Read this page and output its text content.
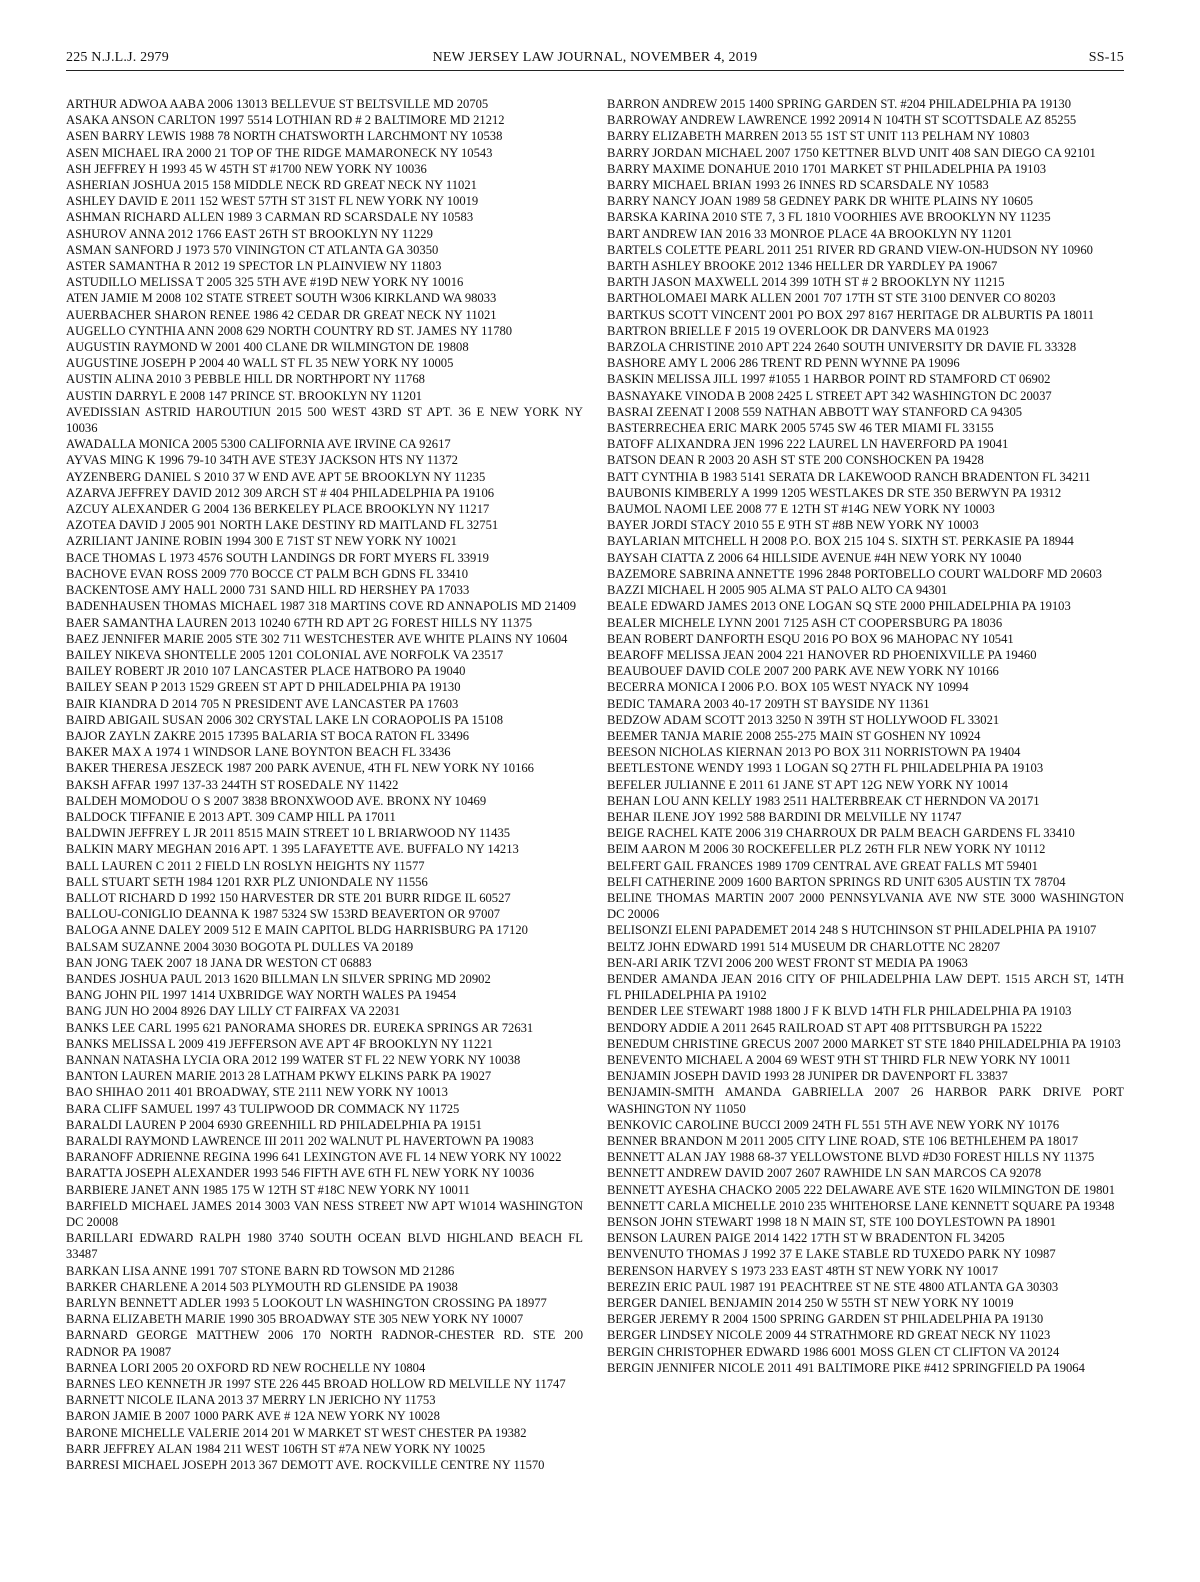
NEW JERSEY LAW JOURNAL, NOVEMBER 4, 2019
225 N.J.L.J. 2979	SS-15

ARTHUR ADWOA AABA 2006 13013 BELLEVUE ST BELTSVILLE MD 20705

ASAKA ANSON CARLTON 1997 5514 LOTHIAN RD # 2 BALTIMORE MD 21212

ASEN BARRY LEWIS 1988 78 NORTH CHATSWORTH LARCHMONT NY 10538

ASEN MICHAEL IRA 2000 21 TOP OF THE RIDGE MAMARONECK NY 10543

ASH JEFFREY H 1993 45 W 45TH ST #1700 NEW YORK NY 10036

ASHERIAN JOSHUA 2015 158 MIDDLE NECK RD GREAT NECK NY 11021

ASHLEY DAVID E 2011 152 WEST 57TH ST 31ST FL NEW YORK NY 10019

ASHMAN RICHARD ALLEN 1989 3 CARMAN RD SCARSDALE NY 10583

ASHUROV ANNA 2012 1766 EAST 26TH ST BROOKLYN NY 11229

ASMAN SANFORD J 1973 570 VININGTON CT ATLANTA GA 30350

ASTER SAMANTHA R 2012 19 SPECTOR LN PLAINVIEW NY 11803

ASTUDILLO MELISSA T 2005 325 5TH AVE #19D NEW YORK NY 10016

ATEN JAMIE M 2008 102 STATE STREET SOUTH W306 KIRKLAND WA 98033

AUERBACHER SHARON RENEE 1986 42 CEDAR DR GREAT NECK NY 11021

AUGELLO CYNTHIA ANN 2008 629 NORTH COUNTRY RD ST. JAMES NY 11780

AUGUSTIN RAYMOND W 2001 400 CLANE DR WILMINGTON DE 19808

AUGUSTINE JOSEPH P 2004 40 WALL ST FL 35 NEW YORK NY 10005

AUSTIN ALINA 2010 3 PEBBLE HILL DR NORTHPORT NY 11768

AUSTIN DARRYL E 2008 147 PRINCE ST. BROOKLYN NY 11201

AVEDISSIAN ASTRID HAROUTIUN 2015 500 WEST 43RD ST APT. 36 E NEW YORK NY 10036

AWADALLA MONICA 2005 5300 CALIFORNIA AVE IRVINE CA 92617

AYVAS MING K 1996 79-10 34TH AVE STE3Y JACKSON HTS NY 11372

AYZENBERG DANIEL S 2010 37 W END AVE APT 5E BROOKLYN NY 11235

AZARVA JEFFREY DAVID 2012 309 ARCH ST # 404 PHILADELPHIA PA 19106

AZCUY ALEXANDER G 2004 136 BERKELEY PLACE BROOKLYN NY 11217

AZOTEA DAVID J 2005 901 NORTH LAKE DESTINY RD MAITLAND FL 32751

AZRILIANT JANINE ROBIN 1994 300 E 71ST ST NEW YORK NY 10021

BACE THOMAS L 1973 4576 SOUTH LANDINGS DR FORT MYERS FL 33919

BACHOVE EVAN ROSS 2009 770 BOCCE CT PALM BCH GDNS FL 33410

BACKENTOSE AMY HALL 2000 731 SAND HILL RD HERSHEY PA 17033

BADENHAUSEN THOMAS MICHAEL 1987 318 MARTINS COVE RD ANNAPOLIS MD 21409

BAER SAMANTHA LAUREN 2013 10240 67TH RD APT 2G FOREST HILLS NY 11375

BAEZ JENNIFER MARIE 2005 STE 302 711 WESTCHESTER AVE WHITE PLAINS NY 10604

BAILEY NIKEVA SHONTELLE 2005 1201 COLONIAL AVE NORFOLK VA 23517

BAILEY ROBERT JR 2010 107 LANCASTER PLACE HATBORO PA 19040

BAILEY SEAN P 2013 1529 GREEN ST APT D PHILADELPHIA PA 19130

BAIR KIANDRA D 2014 705 N PRESIDENT AVE LANCASTER PA 17603

BAIRD ABIGAIL SUSAN 2006 302 CRYSTAL LAKE LN CORAOPOLIS PA 15108

BAJOR ZAYLN ZAKRE 2015 17395 BALARIA ST BOCA RATON FL 33496

BAKER MAX A 1974 1 WINDSOR LANE BOYNTON BEACH FL 33436

BAKER THERESA JESZECK 1987 200 PARK AVENUE, 4TH FL NEW YORK NY 10166

BAKSH AFFAR 1997 137-33 244TH ST ROSEDALE NY 11422

BALDEH MOMODOU O S 2007 3838 BRONXWOOD AVE. BRONX NY 10469

BALDOCK TIFFANIE E 2013 APT. 309 CAMP HILL PA 17011

BALDWIN JEFFREY L JR 2011 8515 MAIN STREET 10 L BRIARWOOD NY 11435

BALKIN MARY MEGHAN 2016 APT. 1 395 LAFAYETTE AVE. BUFFALO NY 14213

BALL LAUREN C 2011 2 FIELD LN ROSLYN HEIGHTS NY 11577

BALL STUART SETH 1984 1201 RXR PLZ UNIONDALE NY 11556

BALLOT RICHARD D 1992 150 HARVESTER DR STE 201 BURR RIDGE IL 60527

BALLOU-CONIGLIO DEANNA K 1987 5324 SW 153RD BEAVERTON OR 97007

BALOGA ANNE DALEY 2009 512 E MAIN CAPITOL BLDG HARRISBURG PA 17120

BALSAM SUZANNE 2004 3030 BOGOTA PL DULLES VA 20189

BAN JONG TAEK 2007 18 JANA DR WESTON CT 06883

BANDES JOSHUA PAUL 2013 1620 BILLMAN LN SILVER SPRING MD 20902

BANG JOHN PIL 1997 1414 UXBRIDGE WAY NORTH WALES PA 19454

BANG JUN HO 2004 8926 DAY LILLY CT FAIRFAX VA 22031

BANKS LEE CARL 1995 621 PANORAMA SHORES DR. EUREKA SPRINGS AR 72631

BANKS MELISSA L 2009 419 JEFFERSON AVE APT 4F BROOKLYN NY 11221

BANNAN NATASHA LYCIA ORA 2012 199 WATER ST FL 22 NEW YORK NY 10038

BANTON LAUREN MARIE 2013 28 LATHAM PKWY ELKINS PARK PA 19027

BAO SHIHAO 2011 401 BROADWAY, STE 2111 NEW YORK NY 10013

BARA CLIFF SAMUEL 1997 43 TULIPWOOD DR COMMACK NY 11725

BARALDI LAUREN P 2004 6930 GREENHILL RD PHILADELPHIA PA 19151

BARALDI RAYMOND LAWRENCE III 2011 202 WALNUT PL HAVERTOWN PA 19083

BARANOFF ADRIENNE REGINA 1996 641 LEXINGTON AVE FL 14 NEW YORK NY 10022

BARATTA JOSEPH ALEXANDER 1993 546 FIFTH AVE 6TH FL NEW YORK NY 10036

BARBIERE JANET ANN 1985 175 W 12TH ST #18C NEW YORK NY 10011

BARFIELD MICHAEL JAMES 2014 3003 VAN NESS STREET NW APT W1014 WASHINGTON DC 20008

BARILLARI EDWARD RALPH 1980 3740 SOUTH OCEAN BLVD HIGHLAND BEACH FL 33487

BARKAN LISA ANNE 1991 707 STONE BARN RD TOWSON MD 21286

BARKER CHARLENE A 2014 503 PLYMOUTH RD GLENSIDE PA 19038

BARLYN BENNETT ADLER 1993 5 LOOKOUT LN WASHINGTON CROSSING PA 18977

BARNA ELIZABETH MARIE 1990 305 BROADWAY STE 305 NEW YORK NY 10007

BARNARD GEORGE MATTHEW 2006 170 NORTH RADNOR-CHESTER RD. STE 200 RADNOR PA 19087

BARNEA LORI 2005 20 OXFORD RD NEW ROCHELLE NY 10804

BARNES LEO KENNETH JR 1997 STE 226 445 BROAD HOLLOW RD MELVILLE NY 11747

BARNETT NICOLE ILANA 2013 37 MERRY LN JERICHO NY 11753

BARON JAMIE B 2007 1000 PARK AVE # 12A NEW YORK NY 10028

BARONE MICHELLE VALERIE 2014 201 W MARKET ST WEST CHESTER PA 19382

BARR JEFFREY ALAN 1984 211 WEST 106TH ST #7A NEW YORK NY 10025

BARRESI MICHAEL JOSEPH 2013 367 DEMOTT AVE. ROCKVILLE CENTRE NY 11570

BARRON ANDREW 2015 1400 SPRING GARDEN ST. #204 PHILADELPHIA PA 19130

BARROWAY ANDREW LAWRENCE 1992 20914 N 104TH ST SCOTTSDALE AZ 85255

BARRY ELIZABETH MARREN 2013 55 1ST ST UNIT 113 PELHAM NY 10803

BARRY JORDAN MICHAEL 2007 1750 KETTNER BLVD UNIT 408 SAN DIEGO CA 92101

BARRY MAXIME DONAHUE 2010 1701 MARKET ST PHILADELPHIA PA 19103

BARRY MICHAEL BRIAN 1993 26 INNES RD SCARSDALE NY 10583

BARRY NANCY JOAN 1989 58 GEDNEY PARK DR WHITE PLAINS NY 10605

BARSKA KARINA 2010 STE 7, 3 FL 1810 VOORHIES AVE BROOKLYN NY 11235

BART ANDREW IAN 2016 33 MONROE PLACE 4A BROOKLYN NY 11201

BARTELS COLETTE PEARL 2011 251 RIVER RD GRAND VIEW-ON-HUDSON NY 10960

BARTH ASHLEY BROOKE 2012 1346 HELLER DR YARDLEY PA 19067

BARTH JASON MAXWELL 2014 399 10TH ST # 2 BROOKLYN NY 11215

BARTHOLOMAEI MARK ALLEN 2001 707 17TH ST STE 3100 DENVER CO 80203

BARTKUS SCOTT VINCENT 2001 PO BOX 297 8167 HERITAGE DR ALBURTIS PA 18011

BARTRON BRIELLE F 2015 19 OVERLOOK DR DANVERS MA 01923

BARZOLA CHRISTINE 2010 APT 224 2640 SOUTH UNIVERSITY DR DAVIE FL 33328

BASHORE AMY L 2006 286 TRENT RD PENN WYNNE PA 19096

BASKIN MELISSA JILL 1997 #1055 1 HARBOR POINT RD STAMFORD CT 06902

BASNAYAKE VINODA B 2008 2425 L STREET APT 342 WASHINGTON DC 20037

BASRAI ZEENAT I 2008 559 NATHAN ABBOTT WAY STANFORD CA 94305

BASTERRECHEA ERIC MARK 2005 5745 SW 46 TER MIAMI FL 33155

BATOFF ALIXANDRA JEN 1996 222 LAUREL LN HAVERFORD PA 19041

BATSON DEAN R 2003 20 ASH ST STE 200 CONSHOCKEN PA 19428

BATT CYNTHIA B 1983 5141 SERATA DR LAKEWOOD RANCH BRADENTON FL 34211

BAUBONIS KIMBERLY A 1999 1205 WESTLAKES DR STE 350 BERWYN PA 19312

BAUMOL NAOMI LEE 2008 77 E 12TH ST #14G NEW YORK NY 10003

BAYER JORDI STACY 2010 55 E 9TH ST #8B NEW YORK NY 10003

BAYLARIAN MITCHELL H 2008 P.O. BOX 215 104 S. SIXTH ST. PERKASIE PA 18944

BAYSAH CIATTA Z 2006 64 HILLSIDE AVENUE #4H NEW YORK NY 10040

BAZEMORE SABRINA ANNETTE 1996 2848 PORTOBELLO COURT WALDORF MD 20603

BAZZI MICHAEL H 2005 905 ALMA ST PALO ALTO CA 94301

BEALE EDWARD JAMES 2013 ONE LOGAN SQ STE 2000 PHILADELPHIA PA 19103

BEALER MICHELE LYNN 2001 7125 ASH CT COOPERSBURG PA 18036

BEAN ROBERT DANFORTH ESQU 2016 PO BOX 96 MAHOPAC NY 10541

BEAROFF MELISSA JEAN 2004 221 HANOVER RD PHOENIXVILLE PA 19460

BEAUBOUEF DAVID COLE 2007 200 PARK AVE NEW YORK NY 10166

BECERRA MONICA I 2006 P.O. BOX 105 WEST NYACK NY 10994

BEDIC TAMARA 2003 40-17 209TH ST BAYSIDE NY 11361

BEDZOW ADAM SCOTT 2013 3250 N 39TH ST HOLLYWOOD FL 33021

BEEMER TANJA MARIE 2008 255-275 MAIN ST GOSHEN NY 10924

BEESON NICHOLAS KIERNAN 2013 PO BOX 311 NORRISTOWN PA 19404

BEETLESTONE WENDY 1993 1 LOGAN SQ 27TH FL PHILADELPHIA PA 19103

BEFELER JULIANNE E 2011 61 JANE ST APT 12G NEW YORK NY 10014

BEHAN LOU ANN KELLY 1983 2511 HALTERBREAK CT HERNDON VA 20171

BEHAR ILENE JOY 1992 588 BARDINI DR MELVILLE NY 11747

BEIGE RACHEL KATE 2006 319 CHARROUX DR PALM BEACH GARDENS FL 33410

BEIM AARON M 2006 30 ROCKEFELLER PLZ 26TH FLR NEW YORK NY 10112

BELFERT GAIL FRANCES 1989 1709 CENTRAL AVE GREAT FALLS MT 59401

BELFI CATHERINE 2009 1600 BARTON SPRINGS RD UNIT 6305 AUSTIN TX 78704

BELINE THOMAS MARTIN 2007 2000 PENNSYLVANIA AVE NW STE 3000 WASHINGTON DC 20006

BELISONZI ELENI PAPADEMET 2014 248 S HUTCHINSON ST PHILADELPHIA PA 19107

BELTZ JOHN EDWARD 1991 514 MUSEUM DR CHARLOTTE NC 28207

BEN-ARI ARIK TZVI 2006 200 WEST FRONT ST MEDIA PA 19063

BENDER AMANDA JEAN 2016 CITY OF PHILADELPHIA LAW DEPT. 1515 ARCH ST, 14TH FL PHILADELPHIA PA 19102

BENDER LEE STEWART 1988 1800 J F K BLVD 14TH FLR PHILADELPHIA PA 19103

BENDORY ADDIE A 2011 2645 RAILROAD ST APT 408 PITTSBURGH PA 15222

BENEDUM CHRISTINE GRECUS 2007 2000 MARKET ST STE 1840 PHILADELPHIA PA 19103

BENEVENTO MICHAEL A 2004 69 WEST 9TH ST THIRD FLR NEW YORK NY 10011

BENJAMIN JOSEPH DAVID 1993 28 JUNIPER DR DAVENPORT FL 33837

BENJAMIN-SMITH AMANDA GABRIELLA 2007 26 HARBOR PARK DRIVE PORT WASHINGTON NY 11050

BENKOVIC CAROLINE BUCCI 2009 24TH FL 551 5TH AVE NEW YORK NY 10176

BENNER BRANDON M 2011 2005 CITY LINE ROAD, STE 106 BETHLEHEM PA 18017

BENNETT ALAN JAY 1988 68-37 YELLOWSTONE BLVD #D30 FOREST HILLS NY 11375

BENNETT ANDREW DAVID 2007 2607 RAWHIDE LN SAN MARCOS CA 92078

BENNETT AYESHA CHACKO 2005 222 DELAWARE AVE STE 1620 WILMINGTON DE 19801

BENNETT CARLA MICHELLE 2010 235 WHITEHORSE LANE KENNETT SQUARE PA 19348

BENSON JOHN STEWART 1998 18 N MAIN ST, STE 100 DOYLESTOWN PA 18901

BENSON LAUREN PAIGE 2014 1422 17TH ST W BRADENTON FL 34205

BENVENUTO THOMAS J 1992 37 E LAKE STABLE RD TUXEDO PARK NY 10987

BERENSON HARVEY S 1973 233 EAST 48TH ST NEW YORK NY 10017

BEREZIN ERIC PAUL 1987 191 PEACHTREE ST NE STE 4800 ATLANTA GA 30303

BERGER DANIEL BENJAMIN 2014 250 W 55TH ST NEW YORK NY 10019

BERGER JEREMY R 2004 1500 SPRING GARDEN ST PHILADELPHIA PA 19130

BERGER LINDSEY NICOLE 2009 44 STRATHMORE RD GREAT NECK NY 11023

BERGIN CHRISTOPHER EDWARD 1986 6001 MOSS GLEN CT CLIFTON VA 20124

BERGIN JENNIFER NICOLE 2011 491 BALTIMORE PIKE #412 SPRINGFIELD PA 19064
